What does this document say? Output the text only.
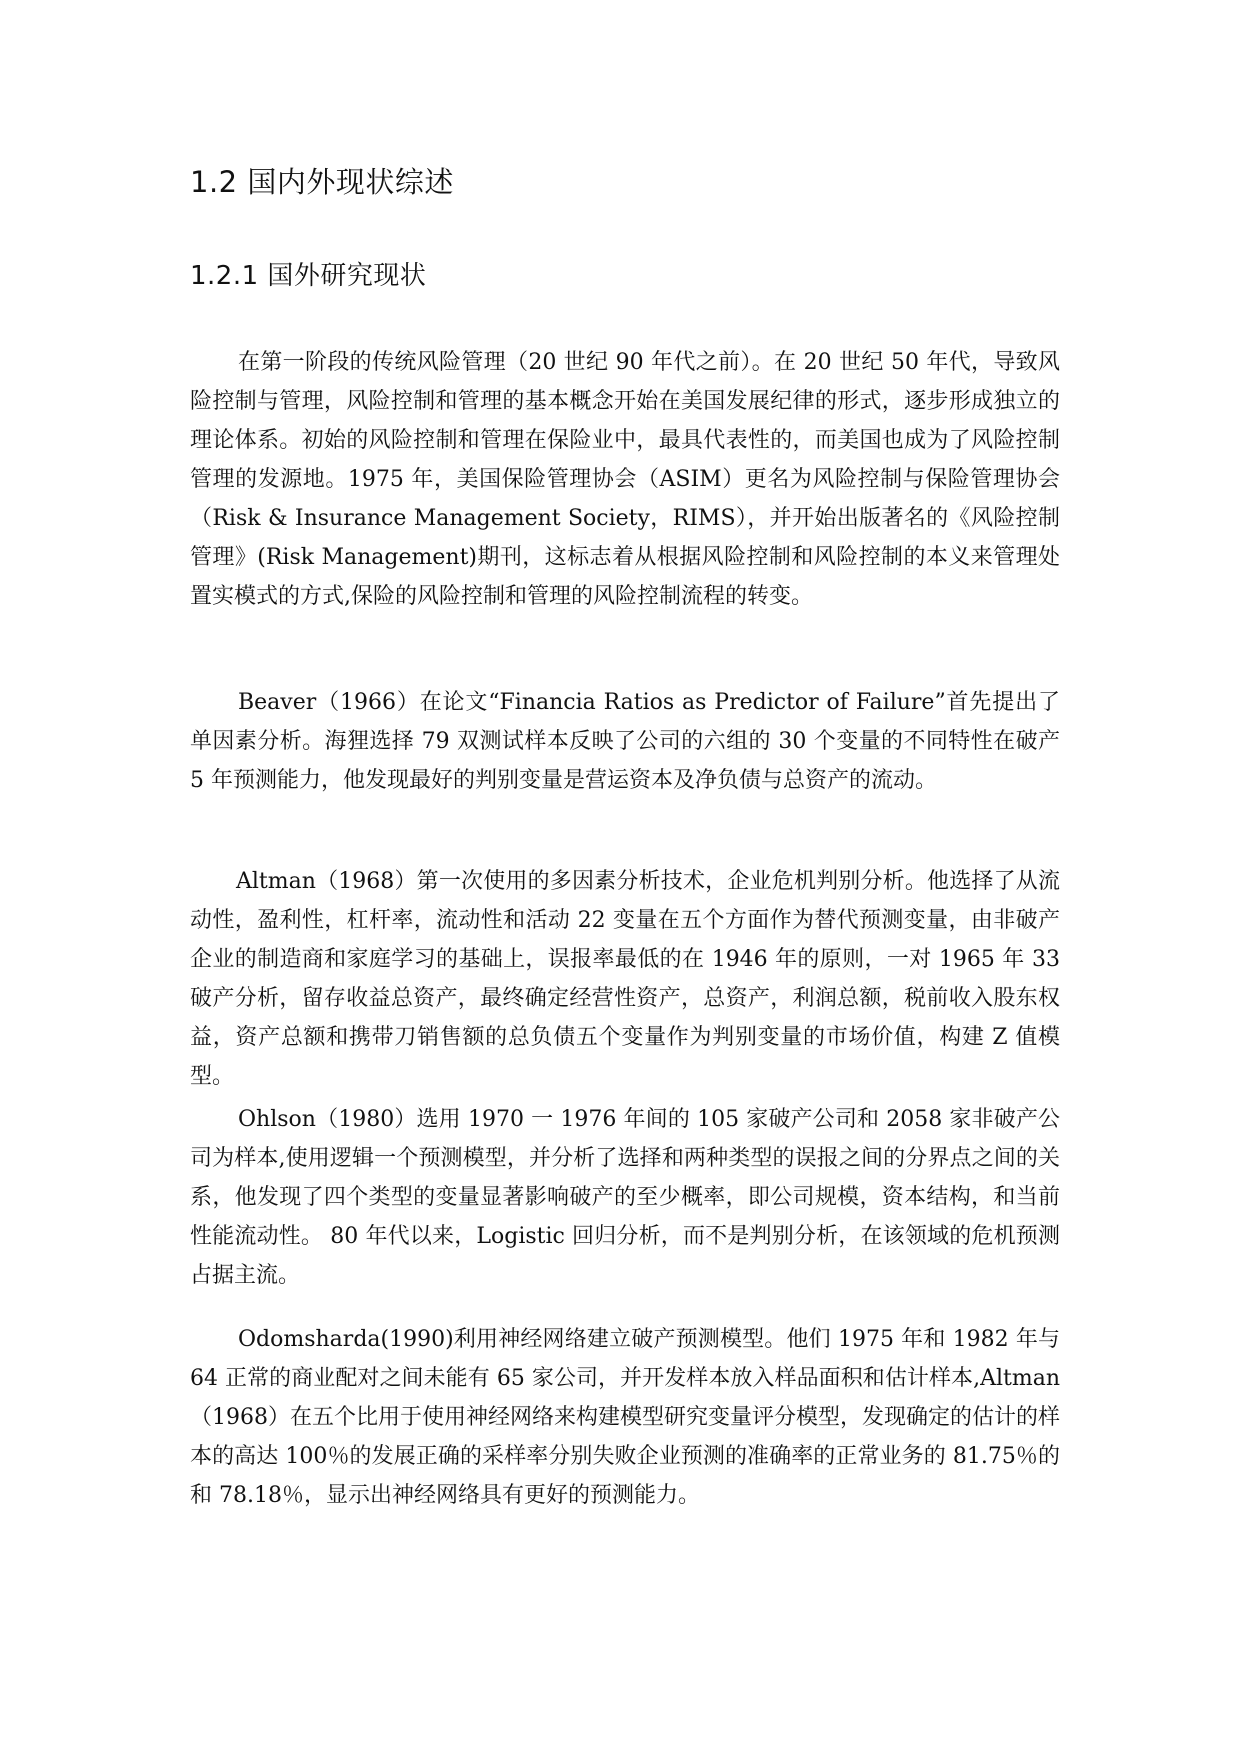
1.2 国内外现状综述
1.2.1 国外研究现状

在第一阶段的传统风险管理（20 世纪 90 年代之前）。在 20 世纪 50 年代，导致风险控制与管理，风险控制和管理的基本概念开始在美国发展纪律的形式，逐步形成独立的理论体系。初始的风险控制和管理在保险业中，最具代表性的，而美国也成为了风险控制管理的发源地。1975 年，美国保险管理协会（ASIM）更名为风险控制与保险管理协会（Risk & Insurance Management Society，RIMS），并开始出版著名的《风险控制管理》(Risk Management)期刊，这标志着从根据风险控制和风险控制的本义来管理处置实模式的方式,保险的风险控制和管理的风险控制流程的转变。

Beaver（1966）在论文“Financia Ratios as Predictor of Failure”首先提出了单因素分析。海狸选择 79 双测试样本反映了公司的六组的 30 个变量的不同特性在破产 5 年预测能力，他发现最好的判别变量是营运资本及净负债与总资产的流动。

Altman（1968）第一次使用的多因素分析技术，企业危机判别分析。他选择了从流动性，盈利性，杠杆率，流动性和活动 22 变量在五个方面作为替代预测变量，由非破产企业的制造商和家庭学习的基础上，误报率最低的在 1946 年的原则，一对 1965 年 33 破产分析，留存收益总资产，最终确定经营性资产，总资产，利润总额，税前收入股东权益，资产总额和携带刀销售额的总负债五个变量作为判别变量的市场价值，构建 Z 值模型。

Ohlson（1980）选用 1970 一 1976 年间的 105 家破产公司和 2058 家非破产公司为样本,使用逻辑一个预测模型，并分析了选择和两种类型的误报之间的分界点之间的关系，他发现了四个类型的变量显著影响破产的至少概率，即公司规模，资本结构，和当前性能流动性。 80 年代以来，Logistic 回归分析，而不是判别分析，在该领域的危机预测占据主流。

Odomsharda(1990)利用神经网络建立破产预测模型。他们 1975 年和 1982 年与 64 正常的商业配对之间未能有 65 家公司，并开发样本放入样品面积和估计样本,Altman（1968）在五个比用于使用神经网络来构建模型研究变量评分模型，发现确定的估计的样本的高达 100％的发展正确的采样率分别失败企业预测的准确率的正常业务的 81.75％的和 78.18％，显示出神经网络具有更好的预测能力。
